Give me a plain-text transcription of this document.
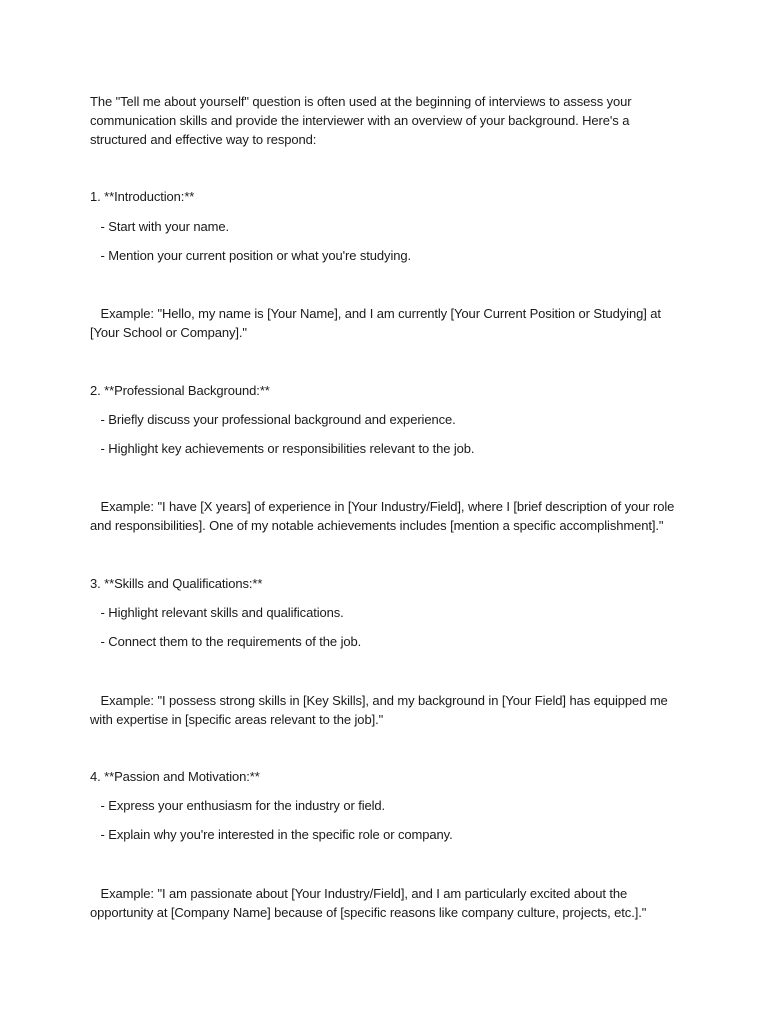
The "Tell me about yourself" question is often used at the beginning of interviews to assess your communication skills and provide the interviewer with an overview of your background. Here's a structured and effective way to respond:
1. **Introduction:**
- Start with your name.
- Mention your current position or what you're studying.
Example: "Hello, my name is [Your Name], and I am currently [Your Current Position or Studying] at [Your School or Company]."
2. **Professional Background:**
- Briefly discuss your professional background and experience.
- Highlight key achievements or responsibilities relevant to the job.
Example: "I have [X years] of experience in [Your Industry/Field], where I [brief description of your role and responsibilities]. One of my notable achievements includes [mention a specific accomplishment]."
3. **Skills and Qualifications:**
- Highlight relevant skills and qualifications.
- Connect them to the requirements of the job.
Example: "I possess strong skills in [Key Skills], and my background in [Your Field] has equipped me with expertise in [specific areas relevant to the job]."
4. **Passion and Motivation:**
- Express your enthusiasm for the industry or field.
- Explain why you're interested in the specific role or company.
Example: "I am passionate about [Your Industry/Field], and I am particularly excited about the opportunity at [Company Name] because of [specific reasons like company culture, projects, etc.]."
